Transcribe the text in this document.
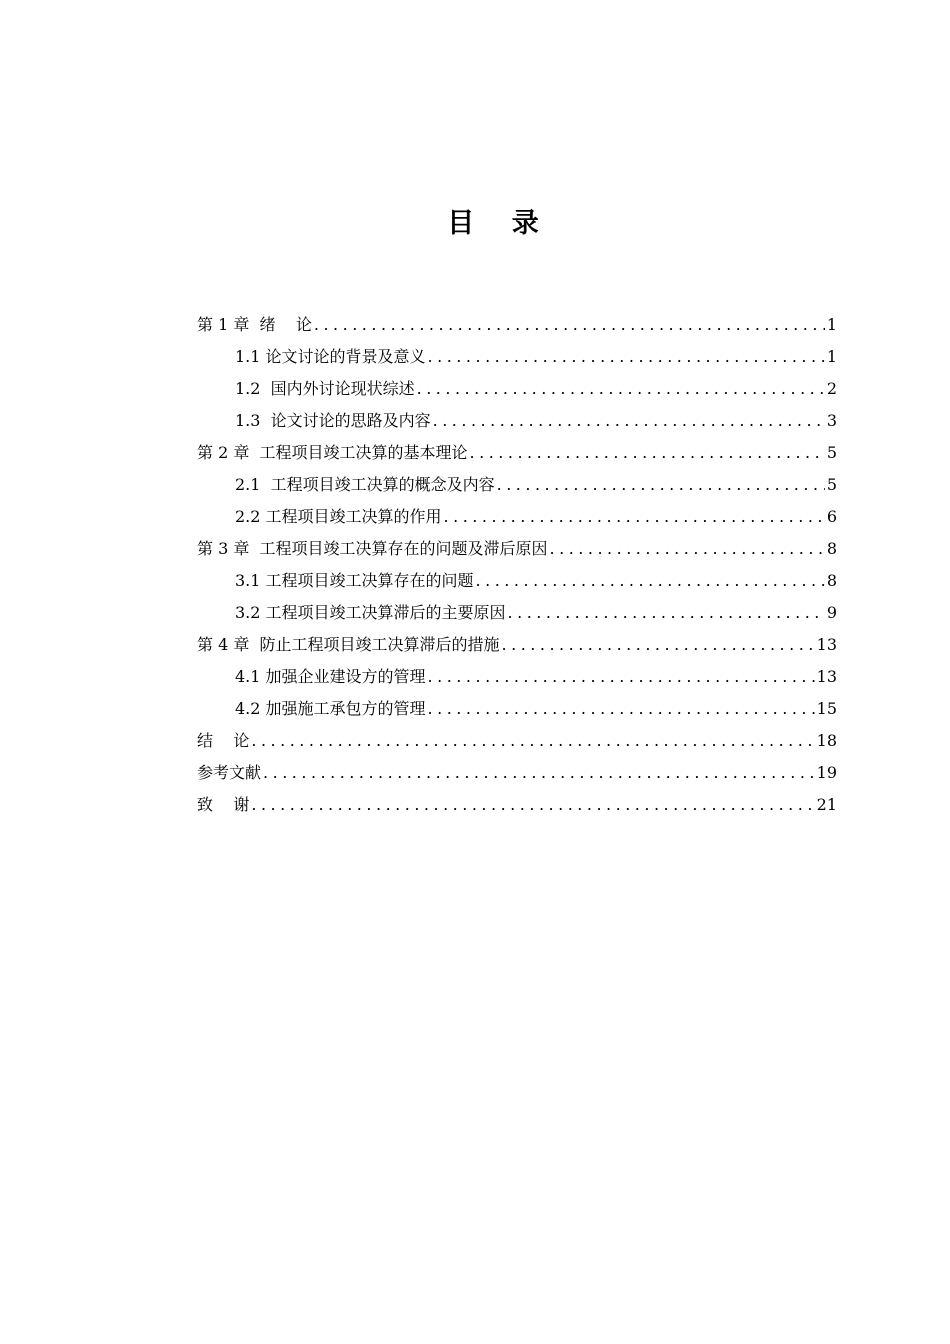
目 录
第 1 章  绪    论 .....	1
1.1 论文讨论的背景及意义 .....	1
1.2  国内外讨论现状综述 .....	2
1.3  论文讨论的思路及内容 .....	3
第 2 章  工程项目竣工决算的基本理论 .....	5
2.1  工程项目竣工决算的概念及内容 .....	5
2.2 工程项目竣工决算的作用 .....	6
第 3 章  工程项目竣工决算存在的问题及滞后原因 .....	8
3.1 工程项目竣工决算存在的问题 .....	8
3.2 工程项目竣工决算滞后的主要原因 .....	9
第 4 章  防止工程项目竣工决算滞后的措施 .....	13
4.1 加强企业建设方的管理 .....	13
4.2 加强施工承包方的管理 .....	15
结    论 .....	18
参考文献 .....	19
致    谢 .....	21
